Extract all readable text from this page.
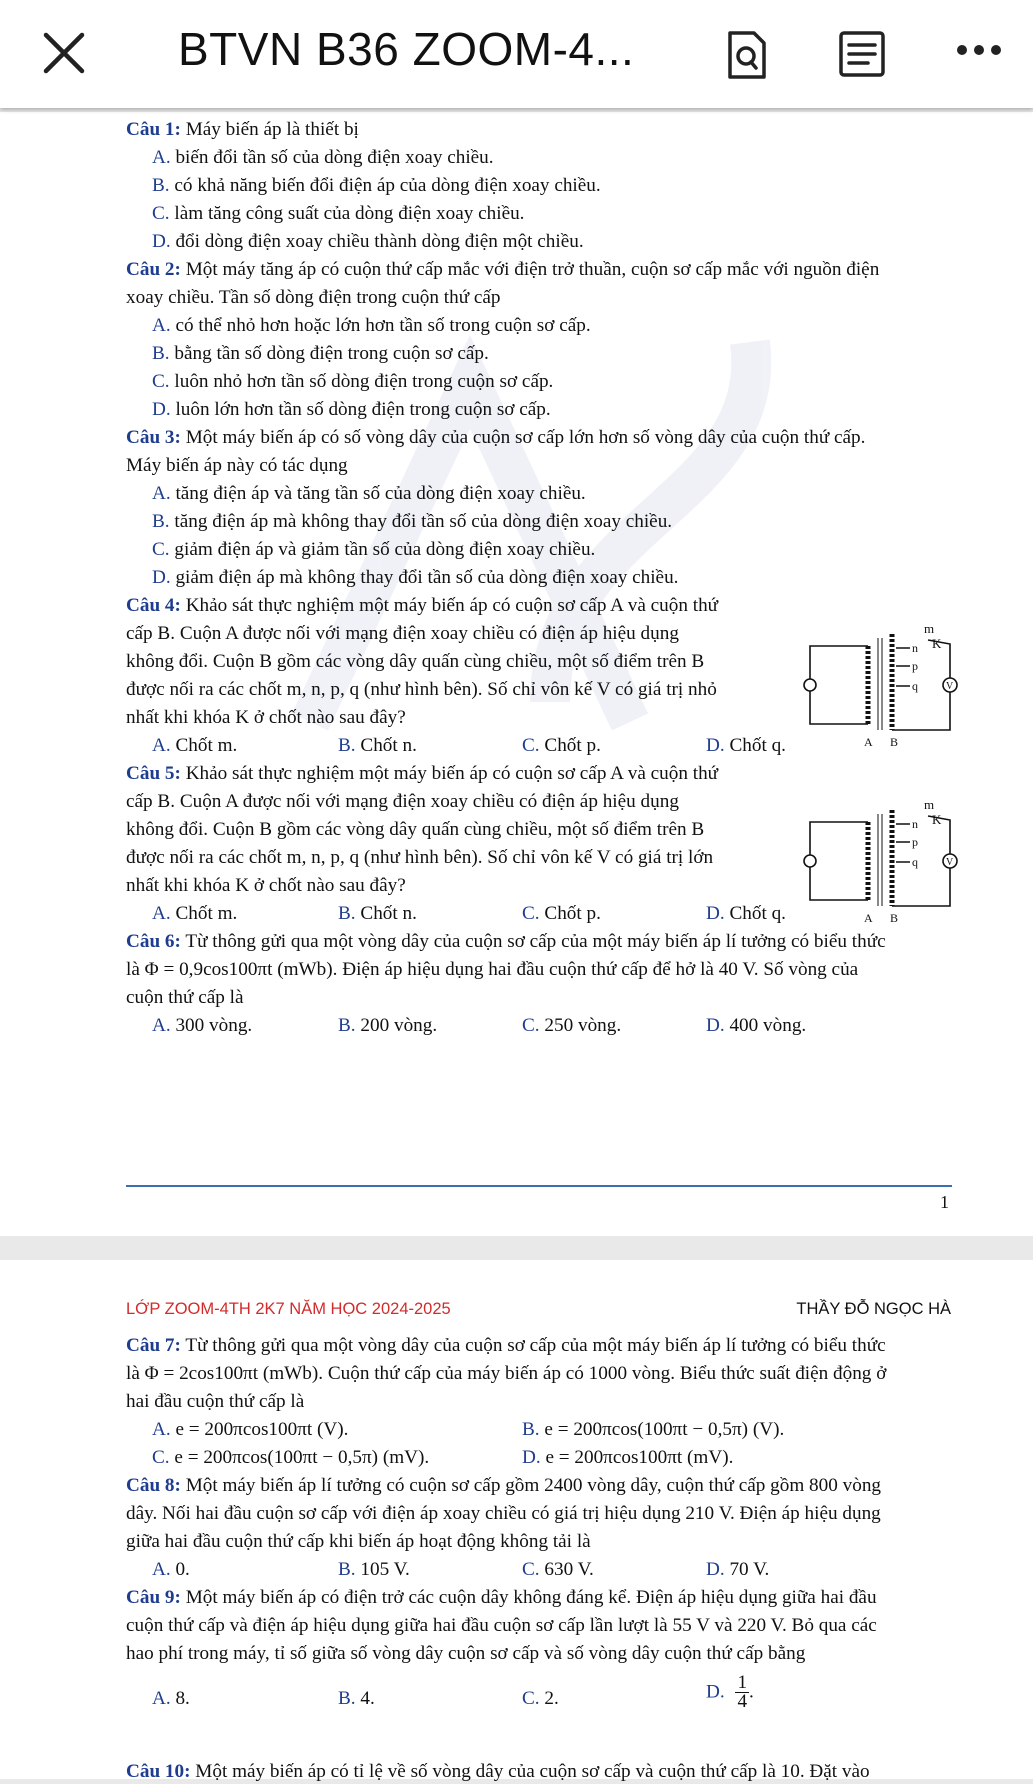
BTVN B36 ZOOM-4...
Câu 1: Máy biến áp là thiết bị
A. biến đổi tần số của dòng điện xoay chiều.
B. có khả năng biến đổi điện áp của dòng điện xoay chiều.
C. làm tăng công suất của dòng điện xoay chiều.
D. đổi dòng điện xoay chiều thành dòng điện một chiều.
Câu 2: Một máy tăng áp có cuộn thứ cấp mắc với điện trở thuần, cuộn sơ cấp mắc với nguồn điện
xoay chiều. Tần số dòng điện trong cuộn thứ cấp
A. có thể nhỏ hơn hoặc lớn hơn tần số trong cuộn sơ cấp.
B. bằng tần số dòng điện trong cuộn sơ cấp.
C. luôn nhỏ hơn tần số dòng điện trong cuộn sơ cấp.
D. luôn lớn hơn tần số dòng điện trong cuộn sơ cấp.
Câu 3: Một máy biến áp có số vòng dây của cuộn sơ cấp lớn hơn số vòng dây của cuộn thứ cấp.
Máy biến áp này có tác dụng
A. tăng điện áp và tăng tần số của dòng điện xoay chiều.
B. tăng điện áp mà không thay đổi tần số của dòng điện xoay chiều.
C. giảm điện áp và giảm tần số của dòng điện xoay chiều.
D. giảm điện áp mà không thay đổi tần số của dòng điện xoay chiều.
Câu 4: Khảo sát thực nghiệm một máy biến áp có cuộn sơ cấp A và cuộn thứ
cấp B. Cuộn A được nối với mạng điện xoay chiều có điện áp hiệu dụng
không đổi. Cuộn B gồm các vòng dây quấn cùng chiều, một số điểm trên B
được nối ra các chốt m, n, p, q (như hình bên). Số chỉ vôn kế V có giá trị nhỏ
nhất khi khóa K ở chốt nào sau đây?
A. Chốt m.	B. Chốt n.	C. Chốt p.	D. Chốt q.
m
n
p
q
K
V
A B
Câu 5: Khảo sát thực nghiệm một máy biến áp có cuộn sơ cấp A và cuộn thứ
cấp B. Cuộn A được nối với mạng điện xoay chiều có điện áp hiệu dụng
không đổi. Cuộn B gồm các vòng dây quấn cùng chiều, một số điểm trên B
được nối ra các chốt m, n, p, q (như hình bên). Số chỉ vôn kế V có giá trị lớn
nhất khi khóa K ở chốt nào sau đây?
A. Chốt m.	B. Chốt n.	C. Chốt p.	D. Chốt q.
m
n
p
q
K
V
A B
Câu 6: Từ thông gửi qua một vòng dây của cuộn sơ cấp của một máy biến áp lí tưởng có biểu thức
là Φ = 0,9cos100πt (mWb). Điện áp hiệu dụng hai đầu cuộn thứ cấp để hở là 40 V. Số vòng của
cuộn thứ cấp là
A. 300 vòng.	B. 200 vòng.	C. 250 vòng.	D. 400 vòng.
1
LỚP ZOOM-4TH 2K7 NĂM HỌC 2024-2025	THẦY ĐỖ NGỌC HÀ
Câu 7: Từ thông gửi qua một vòng dây của cuộn sơ cấp của một máy biến áp lí tưởng có biểu thức
là Φ = 2cos100πt (mWb). Cuộn thứ cấp của máy biến áp có 1000 vòng. Biểu thức suất điện động ở
hai đầu cuộn thứ cấp là
A. e = 200πcos100πt (V).	B. e = 200πcos(100πt − 0,5π) (V).
C. e = 200πcos(100πt − 0,5π) (mV).	D. e = 200πcos100πt (mV).
Câu 8: Một máy biến áp lí tưởng có cuộn sơ cấp gồm 2400 vòng dây, cuộn thứ cấp gồm 800 vòng
dây. Nối hai đầu cuộn sơ cấp với điện áp xoay chiều có giá trị hiệu dụng 210 V. Điện áp hiệu dụng
giữa hai đầu cuộn thứ cấp khi biến áp hoạt động không tải là
A. 0.	B. 105 V.	C. 630 V.	D. 70 V.
Câu 9: Một máy biến áp có điện trở các cuộn dây không đáng kể. Điện áp hiệu dụng giữa hai đầu
cuộn thứ cấp và điện áp hiệu dụng giữa hai đầu cuộn sơ cấp lần lượt là 55 V và 220 V. Bỏ qua các
hao phí trong máy, tỉ số giữa số vòng dây cuộn sơ cấp và số vòng dây cuộn thứ cấp bằng
A. 8.	B. 4.	C. 2.	D. $\frac{1}{4}$ .
Câu 10: Một máy biến áp có tỉ lệ về số vòng dây của cuộn sơ cấp và cuộn thứ cấp là 10. Đặt vào
